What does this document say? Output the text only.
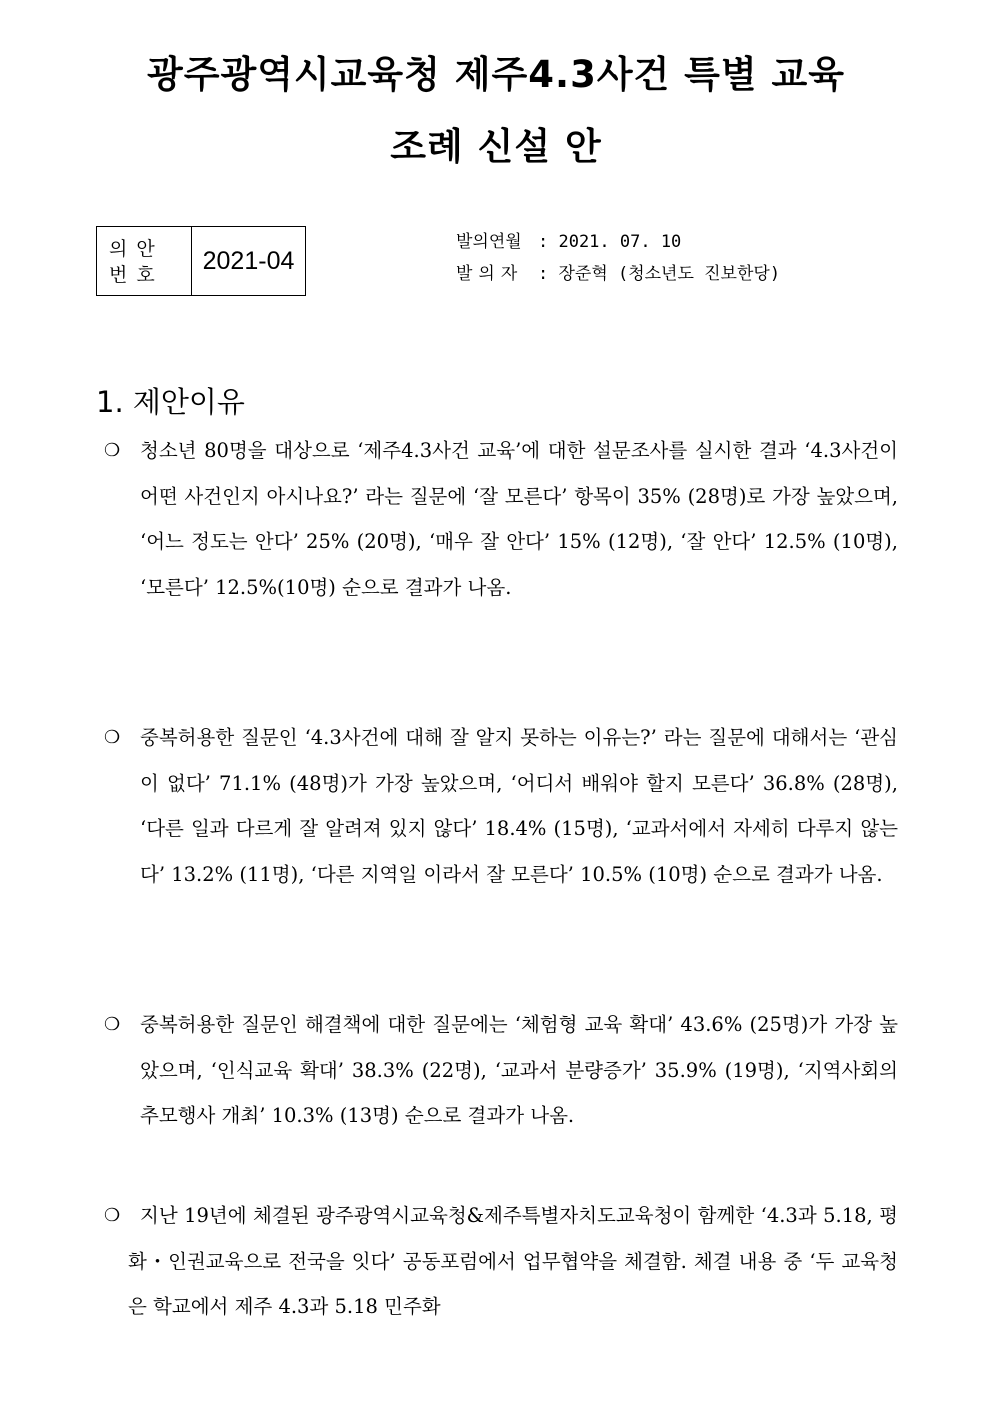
광주광역시교육청 제주4.3사건 특별 교육
조례 신설 안
의안
번호
2021-04
발의연월 : 2021. 07. 10
발의자 : 장준혁 (청소년도 진보한당)
1. 제안이유
❍ 청소년 80명을 대상으로 ‘제주4.3사건 교육’에 대한 설문조사를 실시한 결과 ‘4.3사건이 어떤 사건인지 아시나요?’ 라는 질문에 ‘잘 모른다’ 항목이 35% (28명)로 가장 높았으며, ‘어느 정도는 안다’ 25% (20명), ‘매우 잘 안다’ 15% (12명), ‘잘 안다’ 12.5% (10명), ‘모른다’ 12.5%(10명) 순으로 결과가 나옴.
❍ 중복허용한 질문인 ‘4.3사건에 대해 잘 알지 못하는 이유는?’ 라는 질문에 대해서는 ‘관심이 없다’ 71.1% (48명)가 가장 높았으며, ‘어디서 배워야 할지 모른다’ 36.8% (28명), ‘다른 일과 다르게 잘 알려져 있지 않다’ 18.4% (15명), ‘교과서에서 자세히 다루지 않는다’ 13.2% (11명), ‘다른 지역일 이라서 잘 모른다’ 10.5% (10명) 순으로 결과가 나옴.
❍ 중복허용한 질문인 해결책에 대한 질문에는 ‘체험형 교육 확대’ 43.6% (25명)가 가장 높았으며, ‘인식교육 확대’ 38.3% (22명), ‘교과서 분량증가’ 35.9% (19명), ‘지역사회의 추모행사 개최’ 10.3% (13명) 순으로 결과가 나옴.
❍	지난 19년에 체결된 광주광역시교육청&제주특별자치도교육청이 함께한 ‘4.3과 5.18, 평화・인권교육으로 전국을 잇다’ 공동포럼에서 업무협약을 체결함. 체결 내용 중 ‘두 교육청은 학교에서 제주 4.3과 5.18 민주화
